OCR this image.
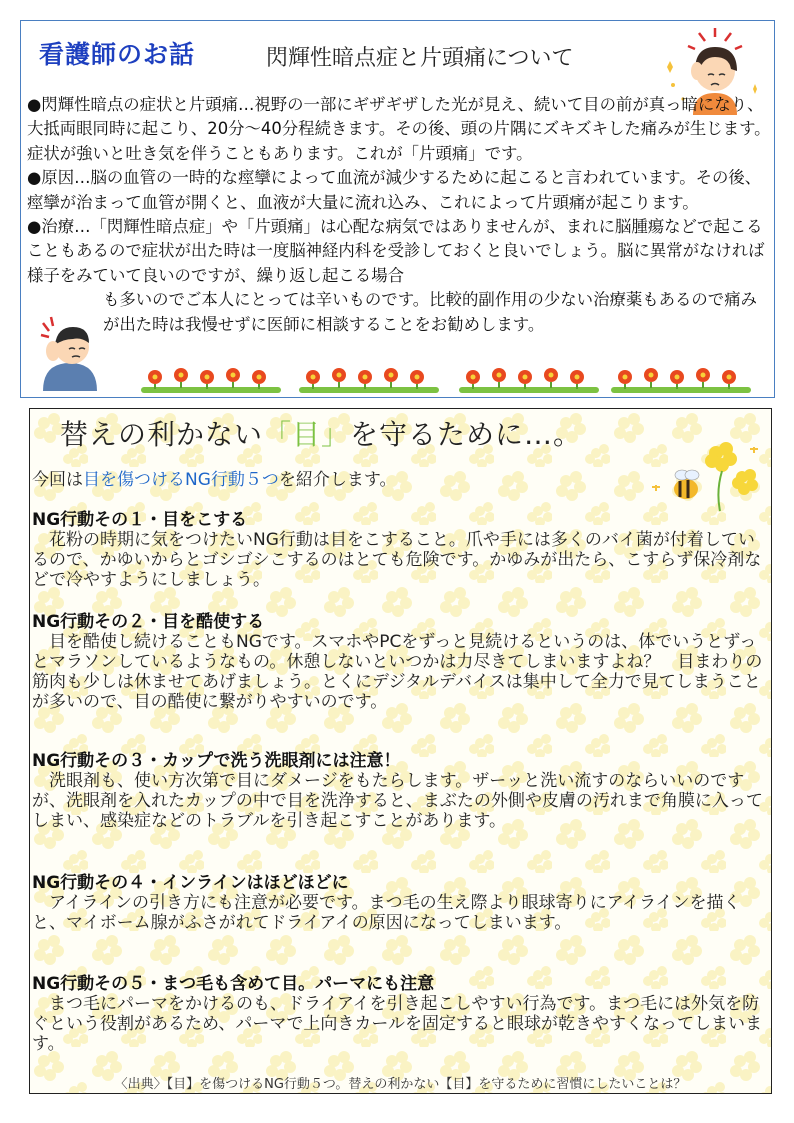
看護師のお話	閃輝性暗点症と片頭痛について

●閃輝性暗点の症状と片頭痛…視野の一部にギザギザした光が見え、続いて目の前が真っ暗になり、大抵両眼同時に起こり、20分～40分程続きます。その後、頭の片隅にズキズキした痛みが生じます。症状が強いと吐き気を伴うこともあります。これが「片頭痛」です。

●原因…脳の血管の一時的な痙攣によって血流が減少するために起こると言われています。その後、痙攣が治まって血管が開くと、血液が大量に流れ込み、これによって片頭痛が起こります。

●治療…「閃輝性暗点症」や「片頭痛」は心配な病気ではありませんが、まれに脳腫瘍などで起こることもあるので症状が出た時は一度脳神経内科を受診しておくと良いでしょう。脳に異常がなければ様子をみていて良いのですが、繰り返し起こる場合

も多いのでご本人にとっては辛いものです。比較的副作用の少ない治療薬もあるので痛みが出た時は我慢せずに医師に相談することをお勧めします。

替えの利かない「目」を守るために…。
今回は目を傷つけるNG行動５つを紹介します。

NG行動その１・目をこする

　花粉の時期に気をつけたいNG行動は目をこすること。爪や手には多くのバイ菌が付着しているので、かゆいからとゴシゴシこするのはとても危険です。かゆみが出たら、こすらず保冷剤などで冷やすようにしましょう。

NG行動その２・目を酷使する

　目を酷使し続けることもNGです。スマホやPCをずっと見続けるというのは、体でいうとずっとマラソンしているようなもの。休憩しないといつかは力尽きてしまいますよね？　目まわりの筋肉も少しは休ませてあげましょう。とくにデジタルデバイスは集中して全力で見てしまうことが多いので、目の酷使に繋がりやすいのです。

NG行動その３・カップで洗う洗眼剤には注意！

　洗眼剤も、使い方次第で目にダメージをもたらします。ザーッと洗い流すのならいいのですが、洗眼剤を入れたカップの中で目を洗浄すると、まぶたの外側や皮膚の汚れまで角膜に入ってしまい、感染症などのトラブルを引き起こすことがあります。

NG行動その４・インラインはほどほどに

　アイラインの引き方にも注意が必要です。まつ毛の生え際より眼球寄りにアイラインを描くと、マイボーム腺がふさがれてドライアイの原因になってしまいます。

NG行動その５・まつ毛も含めて目。パーマにも注意

　まつ毛にパーマをかけるのも、ドライアイを引き起こしやすい行為です。まつ毛には外気を防ぐという役割があるため、パーマで上向きカールを固定すると眼球が乾きやすくなってしまいます。

〈出典〉【目】を傷つけるNG行動５つ。替えの利かない【目】を守るために習慣にしたいことは？
